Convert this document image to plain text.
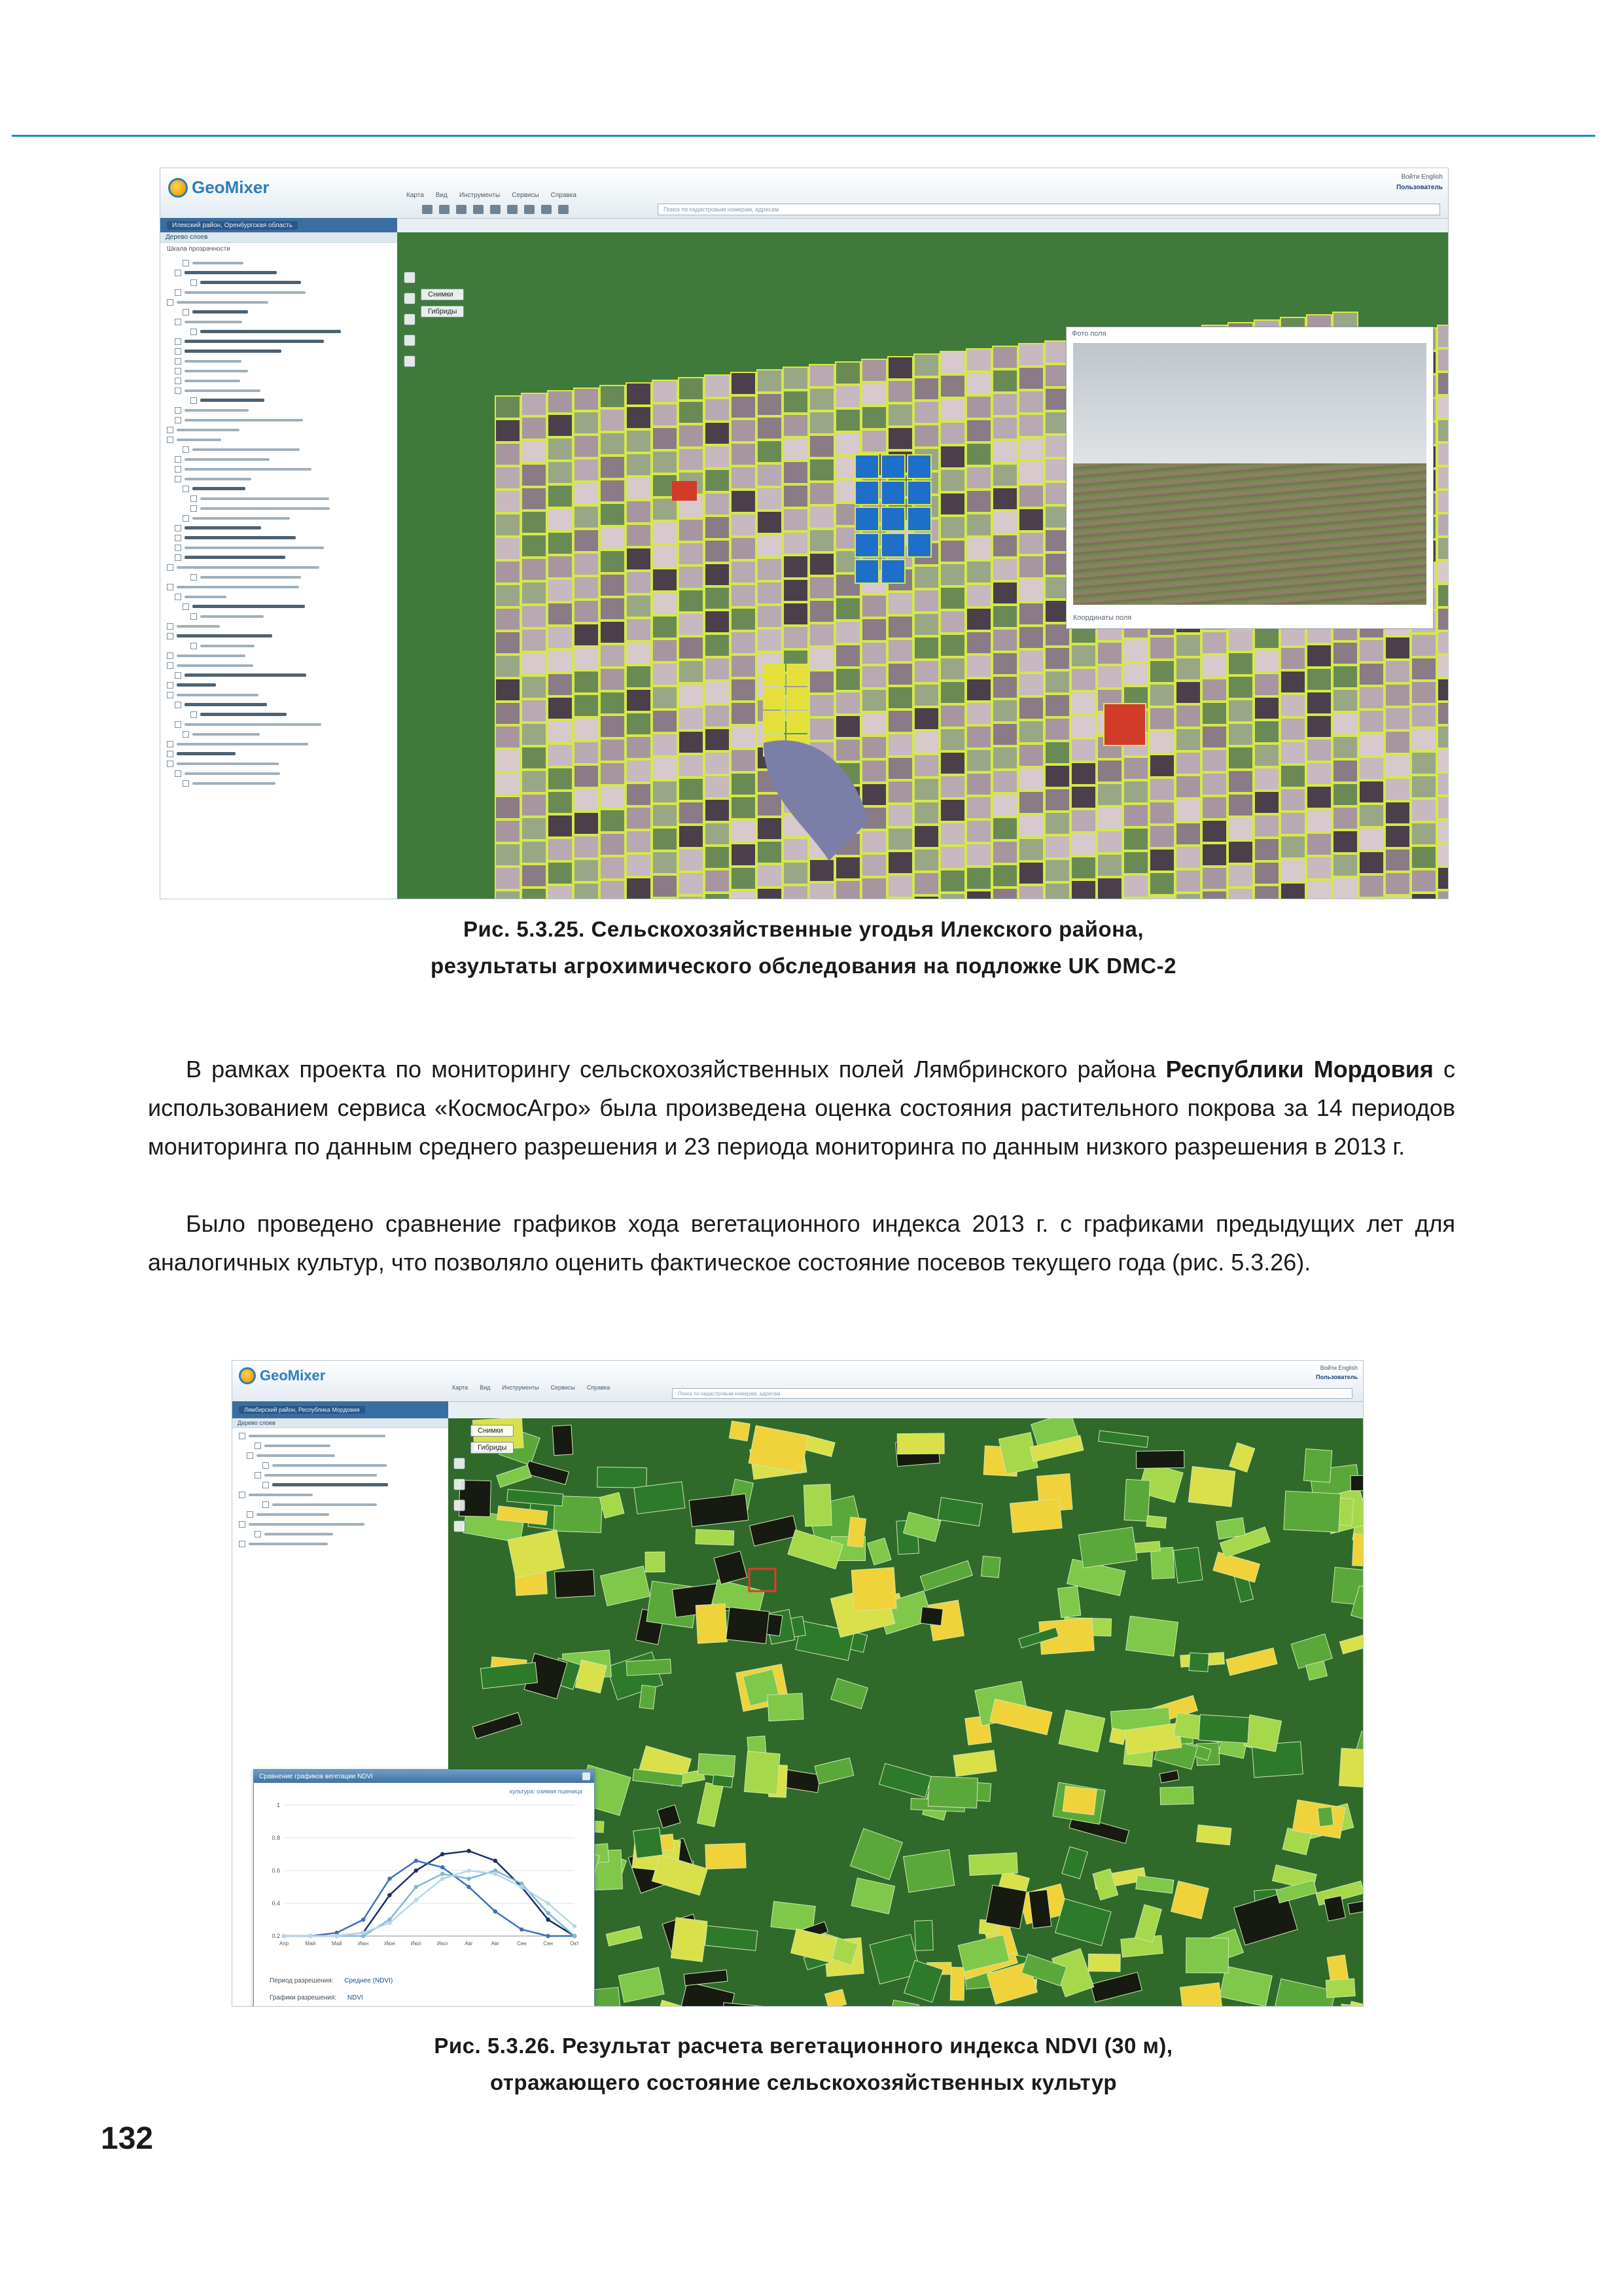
GeoMixer	Карта Вид Инструменты Сервисы Справка
Войти English
Пользователь
Поиск по кадастровым номерам, адресам
Илекский район, Оренбургская область
Дерево слоев
Шкала прозрачности
Снимки
Гибриды
Фото поля
Координаты поля
Рис. 5.3.25. Сельскохозяйственные угодья Илекского района,
результаты агрохимического обследования на подложке UK DMC-2
В рамках проекта по мониторингу сельскохозяйственных полей Лямбринского района Республики Мордовия с использованием сервиса «КосмосАгро» была произведена оценка состояния растительного покрова за 14 периодов мониторинга по данным среднего разрешения и 23 периода мониторинга по данным низкого разрешения в 2013 г.
Было проведено сравнение графиков хода вегетационного индекса 2013 г. с графиками предыдущих лет для аналогичных культур, что позволяло оценить фактическое состояние посевов текущего года (рис. 5.3.26).
GeoMixer
Карта Вид Инструменты Сервисы Справка
Войти English
Пользователь
Поиск по кадастровым номерам, адресам
Лямбирский район, Республика Мордовия
Дерево слоев
Снимки
Гибриды
Сравнение графиков вегетации NDVI
культура: озимая пшеница
0.2
0.4
0.6
0.8
1
Апр	Май	Май	Июн	Июн	Июл	Июл	Авг	Авг	Сен	Сен	Окт
Период разрешения: Среднее (NDVI)
Графики разрешения: NDVI
Рис. 5.3.26. Результат расчета вегетационного индекса NDVI (30 м),
отражающего состояние сельскохозяйственных культур
132
